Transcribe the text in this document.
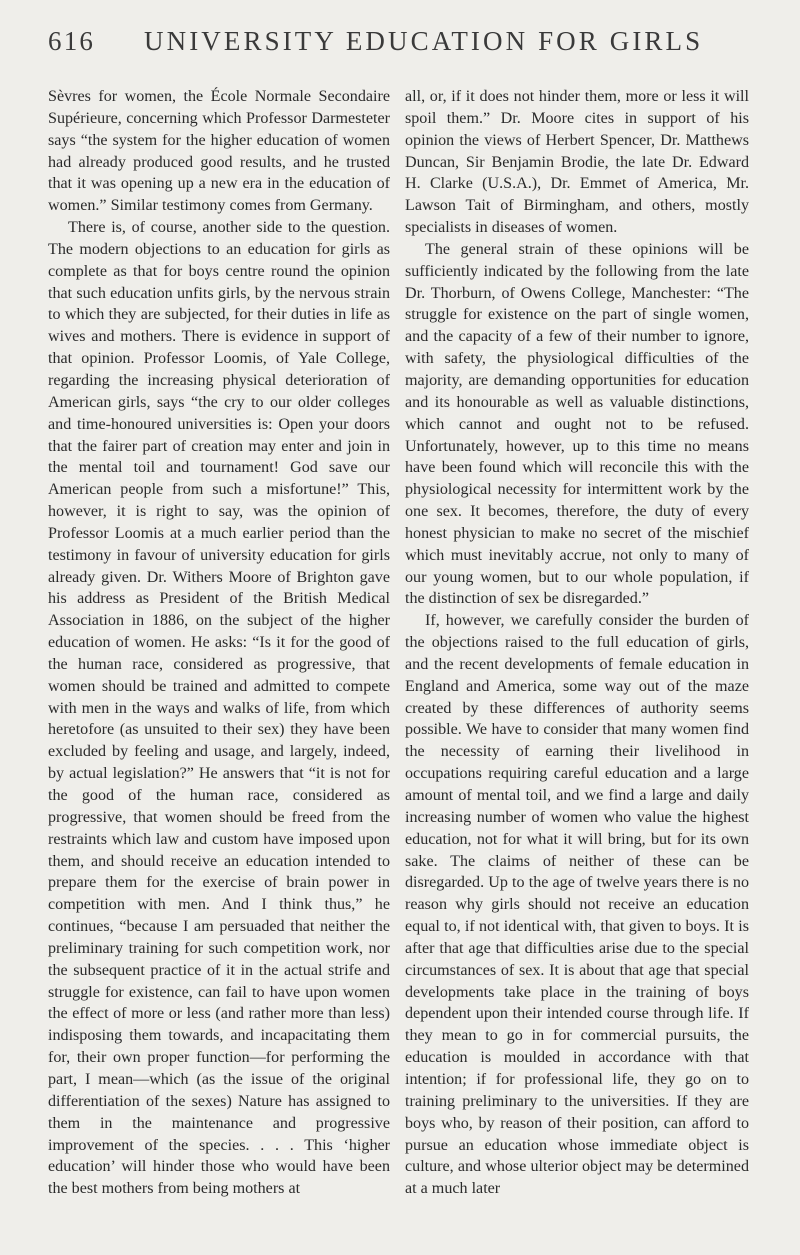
616 UNIVERSITY EDUCATION FOR GIRLS

Sèvres for women, the École Normale Secondaire Supérieure, concerning which Professor Darmesteter says “the system for the higher education of women had already produced good results, and he trusted that it was opening up a new era in the education of women.” Similar testimony comes from Germany.

There is, of course, another side to the question. The modern objections to an education for girls as complete as that for boys centre round the opinion that such education unfits girls, by the nervous strain to which they are subjected, for their duties in life as wives and mothers. There is evidence in support of that opinion. Professor Loomis, of Yale College, regarding the increasing physical deterioration of American girls, says “the cry to our older colleges and time-honoured universities is: Open your doors that the fairer part of creation may enter and join in the mental toil and tournament! God save our American people from such a misfortune!” This, however, it is right to say, was the opinion of Professor Loomis at a much earlier period than the testimony in favour of university education for girls already given. Dr. Withers Moore of Brighton gave his address as President of the British Medical Association in 1886, on the subject of the higher education of women. He asks: “Is it for the good of the human race, considered as progressive, that women should be trained and admitted to compete with men in the ways and walks of life, from which heretofore (as unsuited to their sex) they have been excluded by feeling and usage, and largely, indeed, by actual legislation?” He answers that “it is not for the good of the human race, considered as progressive, that women should be freed from the restraints which law and custom have imposed upon them, and should receive an education intended to prepare them for the exercise of brain power in competition with men. And I think thus,” he continues, “because I am persuaded that neither the preliminary training for such competition work, nor the subsequent practice of it in the actual strife and struggle for existence, can fail to have upon women the effect of more or less (and rather more than less) indisposing them towards, and incapacitating them for, their own proper function—for performing the part, I mean—which (as the issue of the original differentiation of the sexes) Nature has assigned to them in the maintenance and progressive improvement of the species. . . . This ‘higher education’ will hinder those who would have been the best mothers from being mothers at

all, or, if it does not hinder them, more or less it will spoil them.” Dr. Moore cites in support of his opinion the views of Herbert Spencer, Dr. Matthews Duncan, Sir Benjamin Brodie, the late Dr. Edward H. Clarke (U.S.A.), Dr. Emmet of America, Mr. Lawson Tait of Birmingham, and others, mostly specialists in diseases of women.

The general strain of these opinions will be sufficiently indicated by the following from the late Dr. Thorburn, of Owens College, Manchester: “The struggle for existence on the part of single women, and the capacity of a few of their number to ignore, with safety, the physiological difficulties of the majority, are demanding opportunities for education and its honourable as well as valuable distinctions, which cannot and ought not to be refused. Unfortunately, however, up to this time no means have been found which will reconcile this with the physiological necessity for intermittent work by the one sex. It becomes, therefore, the duty of every honest physician to make no secret of the mischief which must inevitably accrue, not only to many of our young women, but to our whole population, if the distinction of sex be disregarded.”

If, however, we carefully consider the burden of the objections raised to the full education of girls, and the recent developments of female education in England and America, some way out of the maze created by these differences of authority seems possible. We have to consider that many women find the necessity of earning their livelihood in occupations requiring careful education and a large amount of mental toil, and we find a large and daily increasing number of women who value the highest education, not for what it will bring, but for its own sake. The claims of neither of these can be disregarded. Up to the age of twelve years there is no reason why girls should not receive an education equal to, if not identical with, that given to boys. It is after that age that difficulties arise due to the special circumstances of sex. It is about that age that special developments take place in the training of boys dependent upon their intended course through life. If they mean to go in for commercial pursuits, the education is moulded in accordance with that intention; if for professional life, they go on to training preliminary to the universities. If they are boys who, by reason of their position, can afford to pursue an education whose immediate object is culture, and whose ulterior object may be determined at a much later
